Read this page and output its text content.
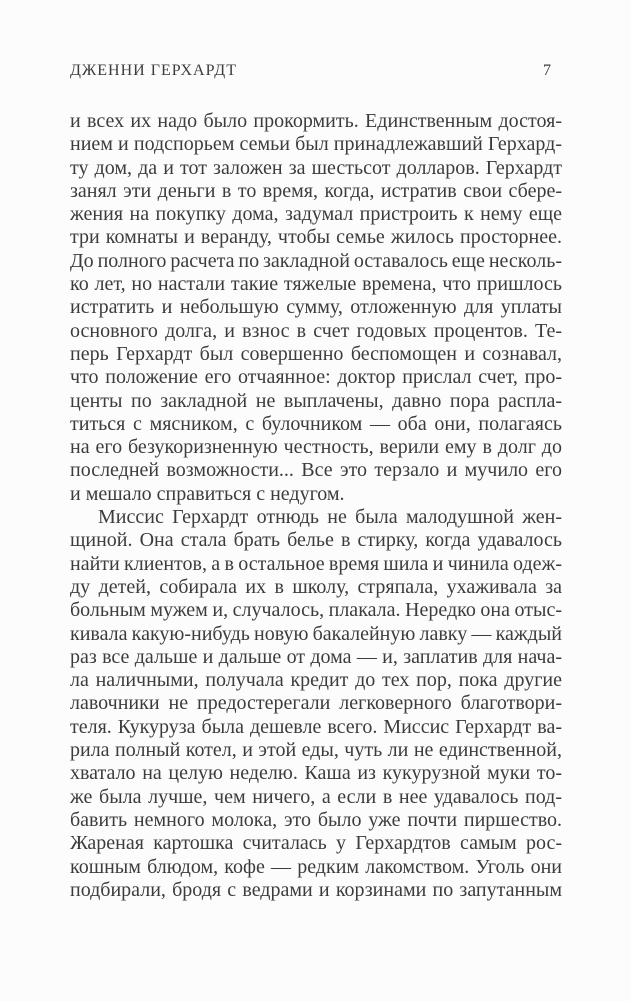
ДЖЕННИ ГЕРХАРДТ	7
и всех их надо было прокормить. Единственным достоя-
нием и подспорьем семьи был принадлежавший Герхард-
ту дом, да и тот заложен за шестьсот долларов. Герхардт
занял эти деньги в то время, когда, истратив свои сбере-
жения на покупку дома, задумал пристроить к нему еще
три комнаты и веранду, чтобы семье жилось просторнее.
До полного расчета по закладной оставалось еще несколь-
ко лет, но настали такие тяжелые времена, что пришлось
истратить и небольшую сумму, отложенную для уплаты
основного долга, и взнос в счет годовых процентов. Те-
перь Герхардт был совершенно беспомощен и сознавал,
что положение его отчаянное: доктор прислал счет, про-
центы по закладной не выплачены, давно пора распла-
титься с мясником, с булочником — оба они, полагаясь
на его безукоризненную честность, верили ему в долг до
последней возможности... Все это терзало и мучило его
и мешало справиться с недугом.
Миссис Герхардт отнюдь не была малодушной жен-
щиной. Она стала брать белье в стирку, когда удавалось
найти клиентов, а в остальное время шила и чинила одеж-
ду детей, собирала их в школу, стряпала, ухаживала за
больным мужем и, случалось, плакала. Нередко она отыс-
кивала какую-нибудь новую бакалейную лавку — каждый
раз все дальше и дальше от дома — и, заплатив для нача-
ла наличными, получала кредит до тех пор, пока другие
лавочники не предостерегали легковерного благотвори-
теля. Кукуруза была дешевле всего. Миссис Герхардт ва-
рила полный котел, и этой еды, чуть ли не единственной,
хватало на целую неделю. Каша из кукурузной муки то-
же была лучше, чем ничего, а если в нее удавалось под-
бавить немного молока, это было уже почти пиршество.
Жареная картошка считалась у Герхардтов самым рос-
кошным блюдом, кофе — редким лакомством. Уголь они
подбирали, бродя с ведрами и корзинами по запутанным
